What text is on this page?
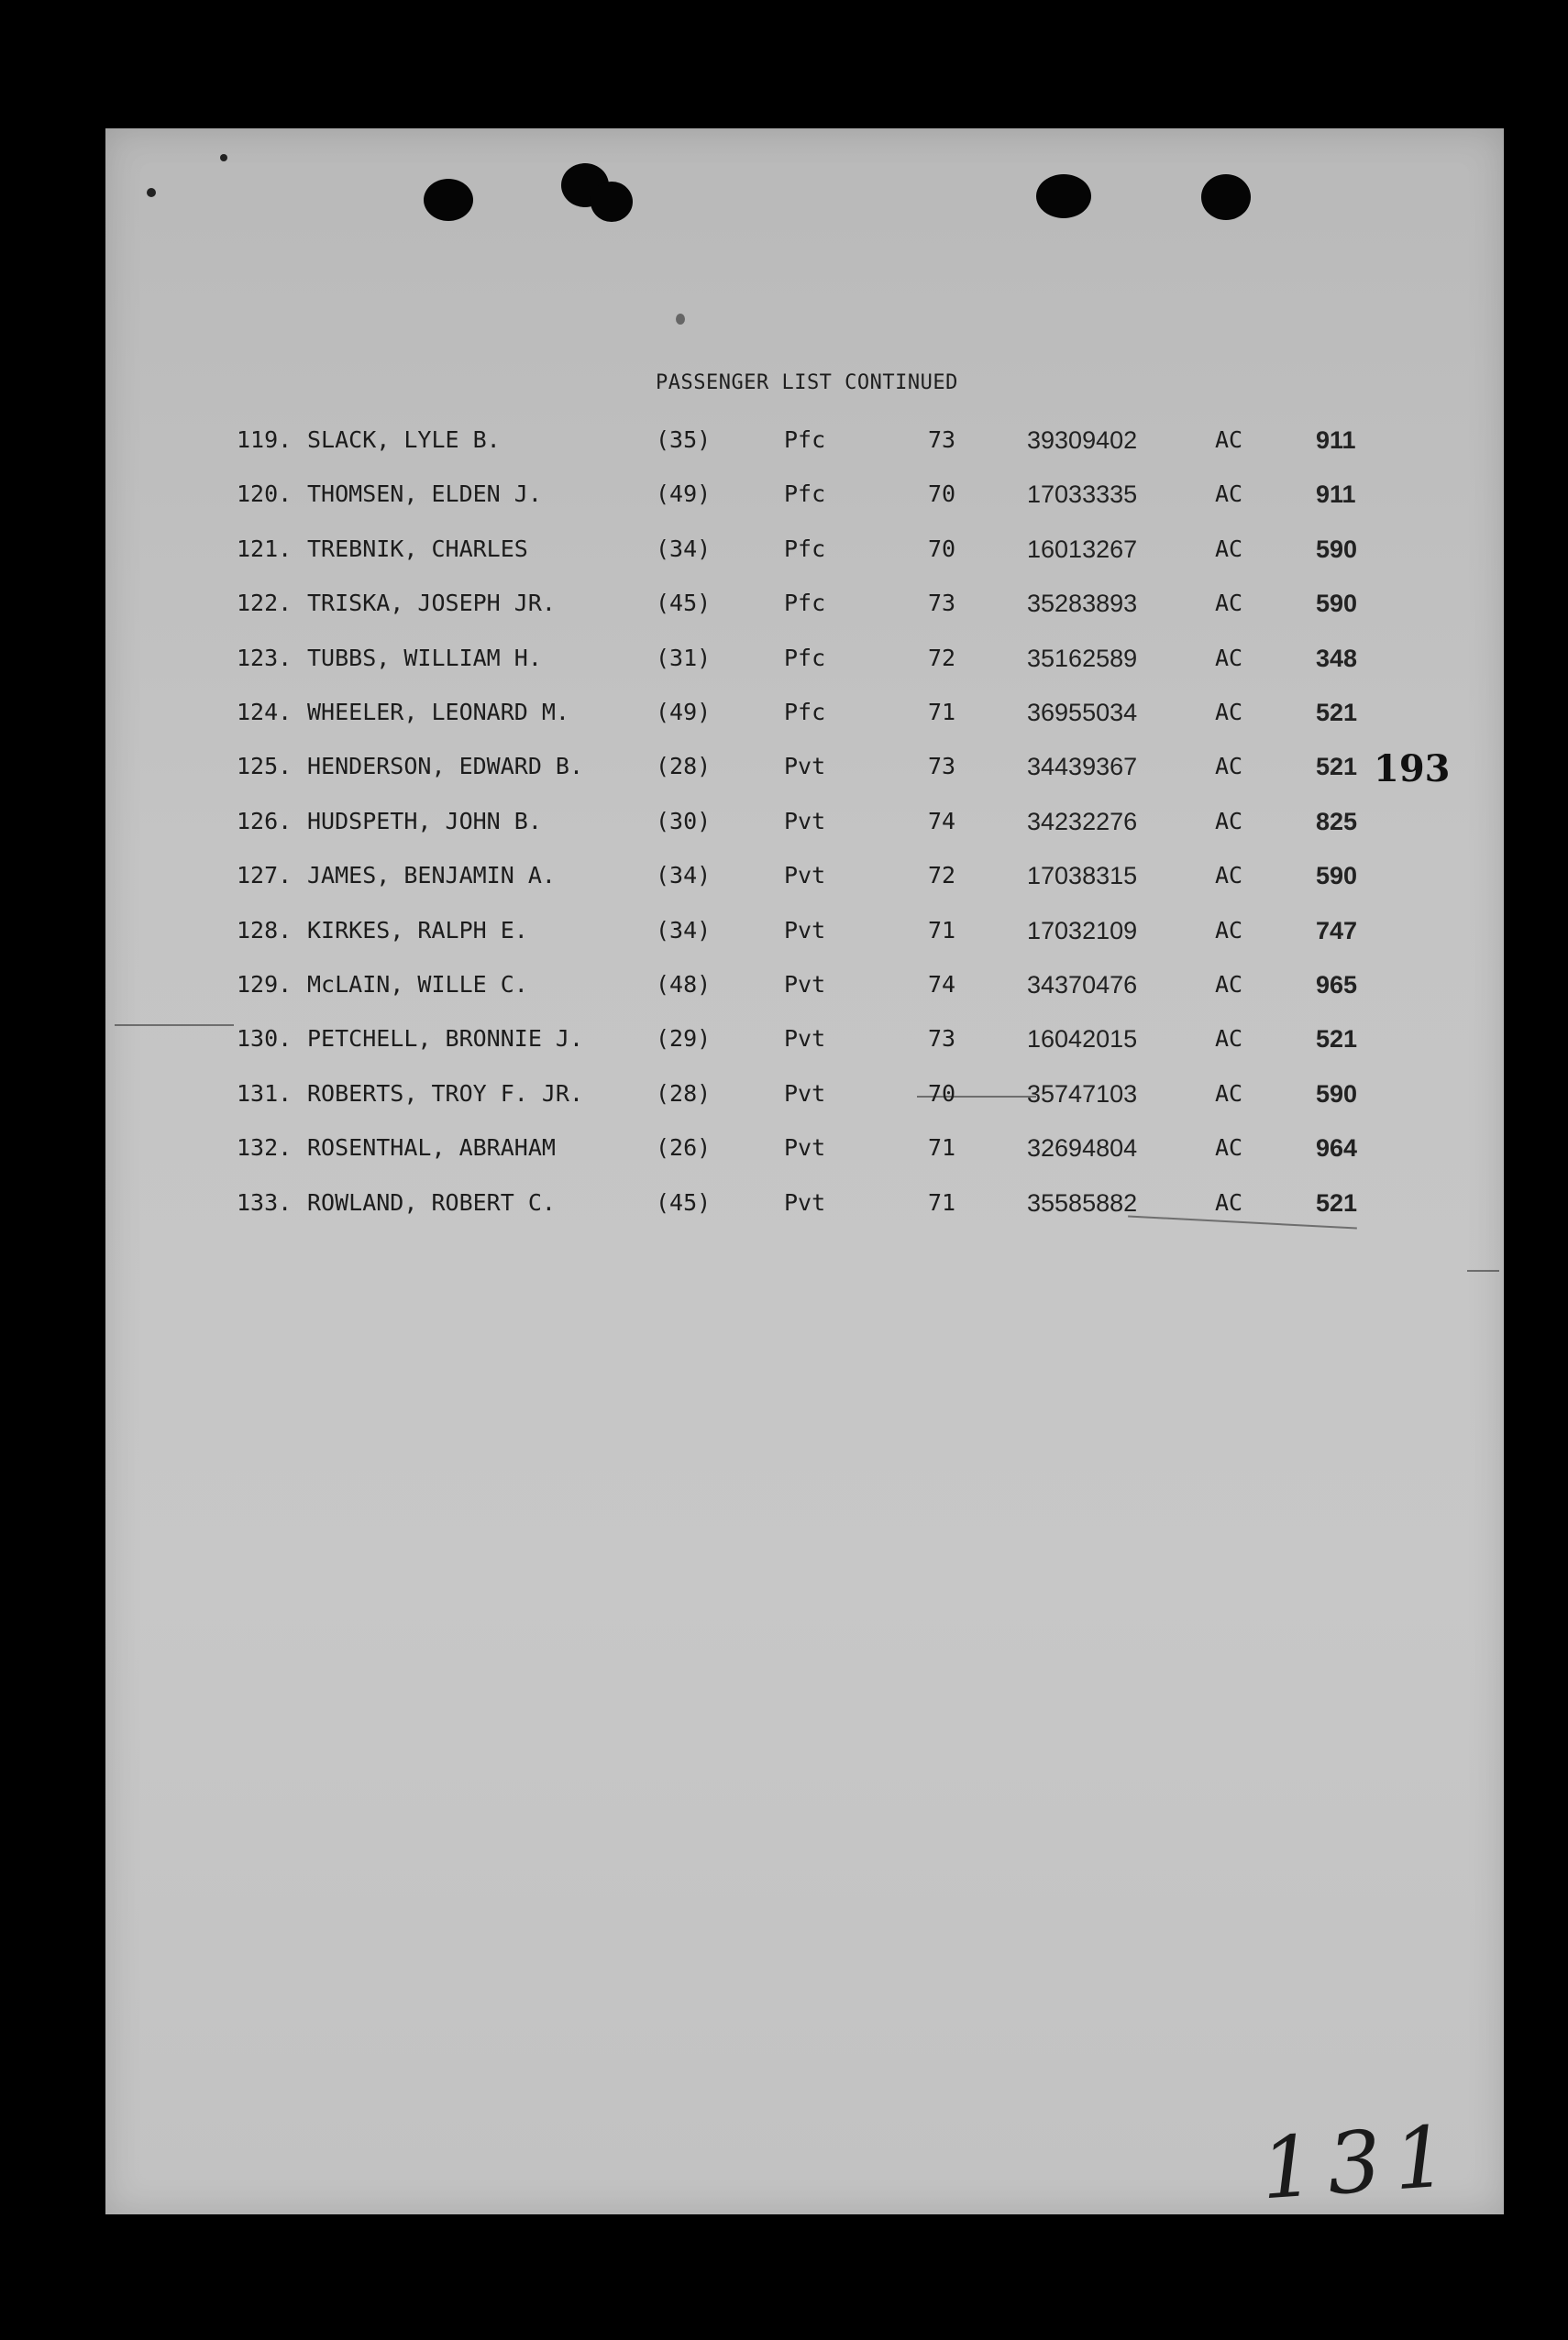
PASSENGER LIST CONTINUED
119. SLACK, LYLE B.	(35)	Pfc	73	39309402	AC	911
120. THOMSEN, ELDEN J.	(49)	Pfc	70	17033335	AC	911
121. TREBNIK, CHARLES	(34)	Pfc	70	16013267	AC	590
122. TRISKA, JOSEPH JR.	(45)	Pfc	73	35283893	AC	590
123. TUBBS, WILLIAM H.	(31)	Pfc	72	35162589	AC	348
124. WHEELER, LEONARD M.	(49)	Pfc	71	36955034	AC	521
125. HENDERSON, EDWARD B.	(28)	Pvt	73	34439367	AC	521
126. HUDSPETH, JOHN B.	(30)	Pvt	74	34232276	AC	825
127. JAMES, BENJAMIN A.	(34)	Pvt	72	17038315	AC	590
128. KIRKES, RALPH E.	(34)	Pvt	71	17032109	AC	747
129. McLAIN, WILLE C.	(48)	Pvt	74	34370476	AC	965
130. PETCHELL, BRONNIE J.	(29)	Pvt	73	16042015	AC	521
131. ROBERTS, TROY F. JR.	(28)	Pvt	70	35747103	AC	590
132. ROSENTHAL, ABRAHAM	(26)	Pvt	71	32694804	AC	964
133. ROWLAND, ROBERT C.	(45)	Pvt	71	35585882	AC	521
193
131
